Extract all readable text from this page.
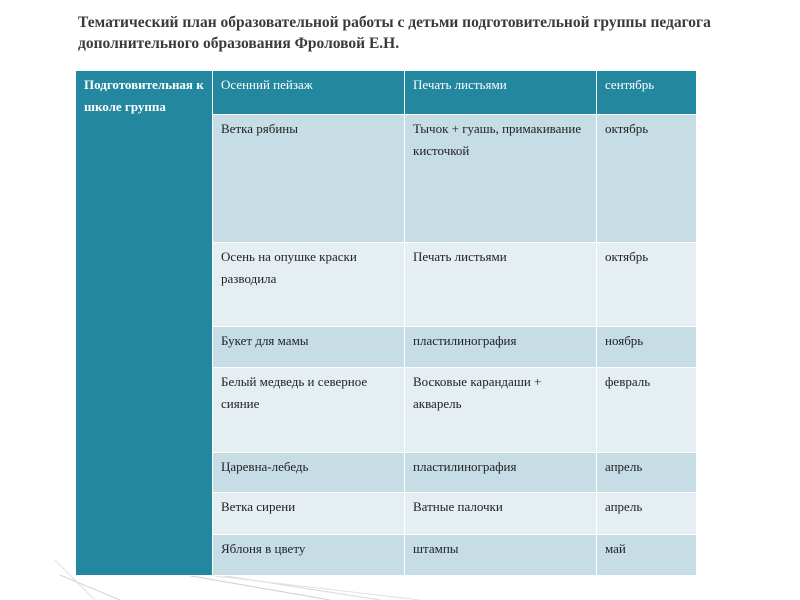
Тематический план образовательной работы с детьми подготовительной группы педагога дополнительного образования Фроловой Е.Н.
Подготовительная к школе группа	Осенний пейзаж	Печать листьями	сентябрь
	Ветка рябины	Тычок + гуашь, примакивание кисточкой	октябрь
	Осень на опушке краски разводила	Печать листьями	октябрь
	Букет для мамы	пластилинография	ноябрь
	Белый медведь и северное сияние	Восковые карандаши + акварель	февраль
	Царевна-лебедь	пластилинография	апрель
	Ветка сирени	Ватные палочки	апрель
	Яблоня в цвету	штампы	май
